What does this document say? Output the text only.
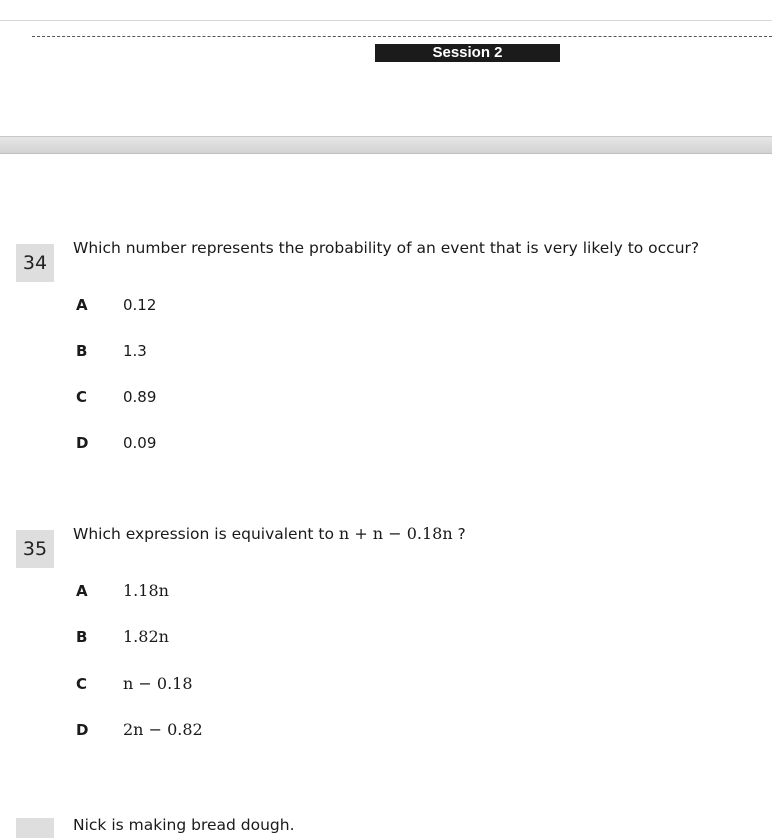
Session 2
34
Which number represents the probability of an event that is very likely to occur?
A 0.12
B 1.3
C 0.89
D 0.09
35
Which expression is equivalent to n + n − 0.18n ?
A 1.18n
B 1.82n
C n − 0.18
D 2n − 0.82
Nick is making bread dough.
